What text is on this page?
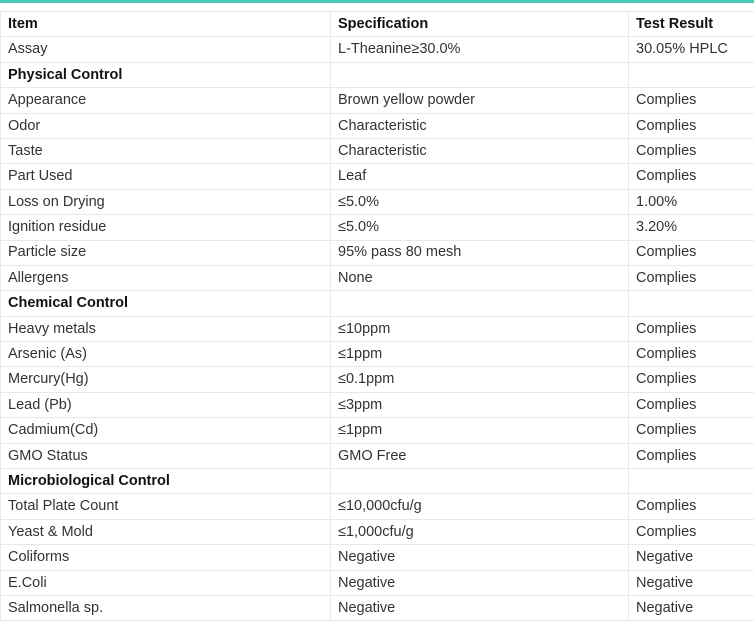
Item	Specification	Test Result
Assay	L-Theanine≥30.0%	30.05% HPLC
Physical Control		
Appearance	Brown yellow powder	Complies
Odor	Characteristic	Complies
Taste	Characteristic	Complies
Part Used	Leaf	Complies
Loss on Drying	≤5.0%	1.00%
Ignition residue	≤5.0%	3.20%
Particle size	95% pass 80 mesh	Complies
Allergens	None	Complies
Chemical Control		
Heavy metals	≤10ppm	Complies
Arsenic (As)	≤1ppm	Complies
Mercury(Hg)	≤0.1ppm	Complies
Lead (Pb)	≤3ppm	Complies
Cadmium(Cd)	≤1ppm	Complies
GMO Status	GMO Free	Complies
Microbiological Control		
Total Plate Count	≤10,000cfu/g	Complies
Yeast & Mold	≤1,000cfu/g	Complies
Coliforms	Negative	Negative
E.Coli	Negative	Negative
Salmonella sp.	Negative	Negative
